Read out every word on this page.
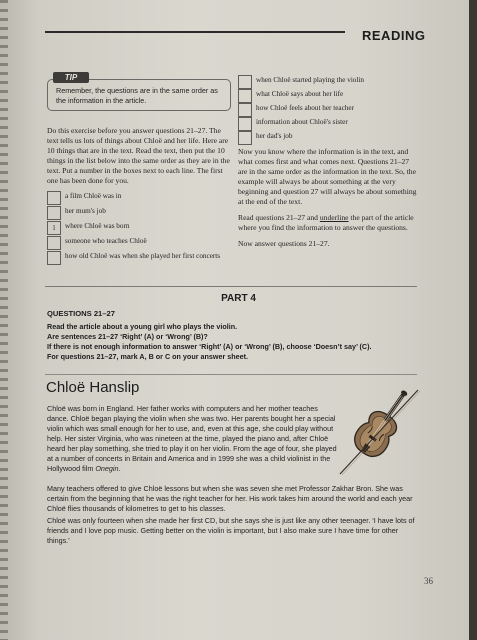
READING
TIP
Remember, the questions are in the same order as the information in the article.
Do this exercise before you answer questions 21–27. The text tells us lots of things about Chloë and her life. Here are 10 things that are in the text. Read the text, then put the 10 things in the list below into the same order as they are in the text. Put a number in the boxes next to each line. The first one has been done for you.
a film Chloë was in
her mum's job
1	where Chloë was born
someone who teaches Chloë
how old Chloë was when she played her first concerts
when Chloë started playing the violin
what Chloë says about her life
how Chloë feels about her teacher
information about Chloë's sister
her dad's job

Now you know where the information is in the text, and what comes first and what comes next. Questions 21–27 are in the same order as the information in the text. So, the example will always be about something at the very beginning and question 27 will always be about something at the end of the text.

Read questions 21–27 and underline the part of the article where you find the information to answer the questions.

Now answer questions 21–27.

PART 4
QUESTIONS 21–27
Read the article about a young girl who plays the violin.
Are sentences 21–27 ‘Right’ (A) or ‘Wrong’ (B)?
If there is not enough information to answer ‘Right’ (A) or ‘Wrong’ (B), choose ‘Doesn’t say’ (C).
For questions 21–27, mark A, B or C on your answer sheet.
Chloë Hanslip

Chloë was born in England. Her father works with computers and her mother teaches dance. Chloë began playing the violin when she was two. Her parents bought her a special violin which was small enough for her to use, and, even at this age, she could play without help. Her sister Virginia, who was nineteen at the time, played the piano and, after Chloë heard her play something, she tried to play it on her violin. From the age of four, she played at a number of concerts in Britain and America and in 1999 she was a child violinist in the Hollywood film Onegin.

Many teachers offered to give Chloë lessons but when she was seven she met Professor Zakhar Bron. She was certain from the beginning that he was the right teacher for her. His work takes him around the world and each year Chloë flies thousands of kilometres to get to his classes.

Chloë was only fourteen when she made her first CD, but she says she is just like any other teenager. ‘I have lots of friends and I love pop music. Getting better on the violin is important, but I also make sure I have time for other things.’

36
